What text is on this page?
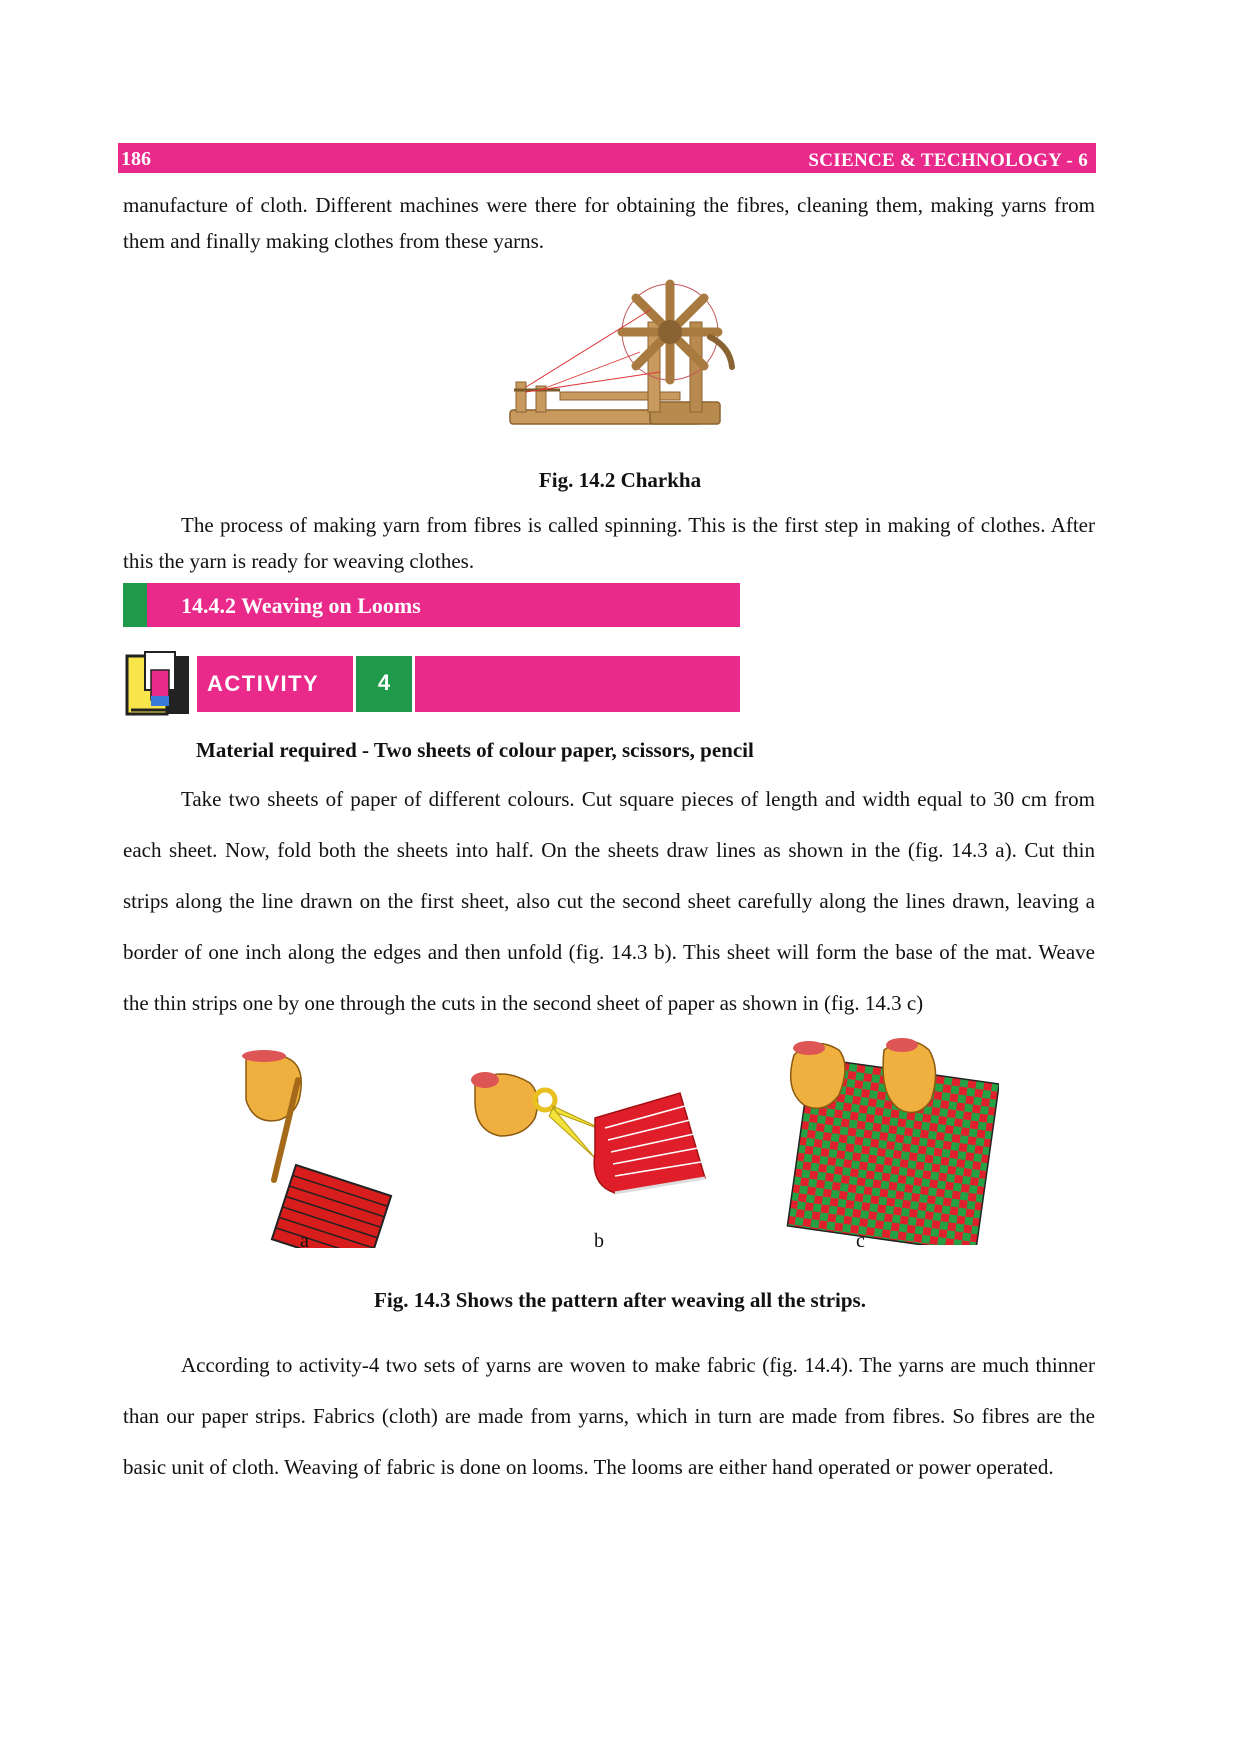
186	SCIENCE & TECHNOLOGY - 6

manufacture of cloth. Different machines were there for obtaining the fibres, cleaning them, making yarns from them and finally making clothes from these yarns.

Fig. 14.2 Charkha

The process of making yarn from fibres is called spinning. This is the first step in making of clothes. After this the yarn is ready for weaving clothes.

14.4.2 Weaving on Looms
ACTIVITY	4

Material required - Two sheets of colour paper, scissors, pencil

Take two sheets of paper of different colours. Cut square pieces of length and width equal to 30 cm from each sheet. Now, fold both the sheets into half. On the sheets draw lines as shown in the (fig. 14.3 a). Cut thin strips along the line drawn on the first sheet, also cut the second sheet carefully along the lines drawn, leaving a border of one inch along the edges and then unfold (fig. 14.3 b). This sheet will form the base of the mat. Weave the thin strips one by one through the cuts in the second sheet of paper as shown in (fig. 14.3 c)

a	b	c

Fig. 14.3 Shows the pattern after weaving all the strips.

According to activity-4 two sets of yarns are woven to make fabric (fig. 14.4). The yarns are much thinner than our paper strips. Fabrics (cloth) are made from yarns, which in turn are made from fibres. So fibres are the basic unit of cloth. Weaving of fabric is done on looms. The looms are either hand operated or power operated.
